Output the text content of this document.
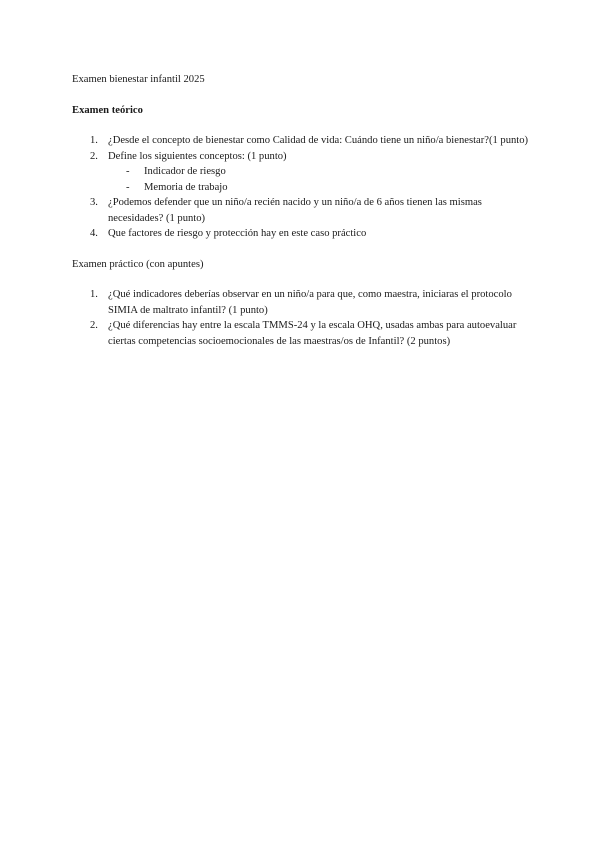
Examen bienestar infantil 2025

Examen teórico
1. ¿Desde el concepto de bienestar como Calidad de vida: Cuándo tiene un niño/a bienestar?(1 punto)
2. Define los siguientes conceptos: (1 punto)
- Indicador de riesgo
- Memoria de trabajo
3. ¿Podemos defender que un niño/a recién nacido y un niño/a de 6 años tienen las mismas necesidades? (1 punto)
4. Que factores de riesgo y protección hay en este caso práctico
Examen práctico (con apuntes)
1. ¿Qué indicadores deberías observar en un niño/a para que, como maestra, iniciaras el protocolo SIMIA de maltrato infantil? (1 punto)
2. ¿Qué diferencias hay entre la escala TMMS-24 y la escala OHQ, usadas ambas para autoevaluar ciertas competencias socioemocionales de las maestras/os de Infantil? (2 puntos)
